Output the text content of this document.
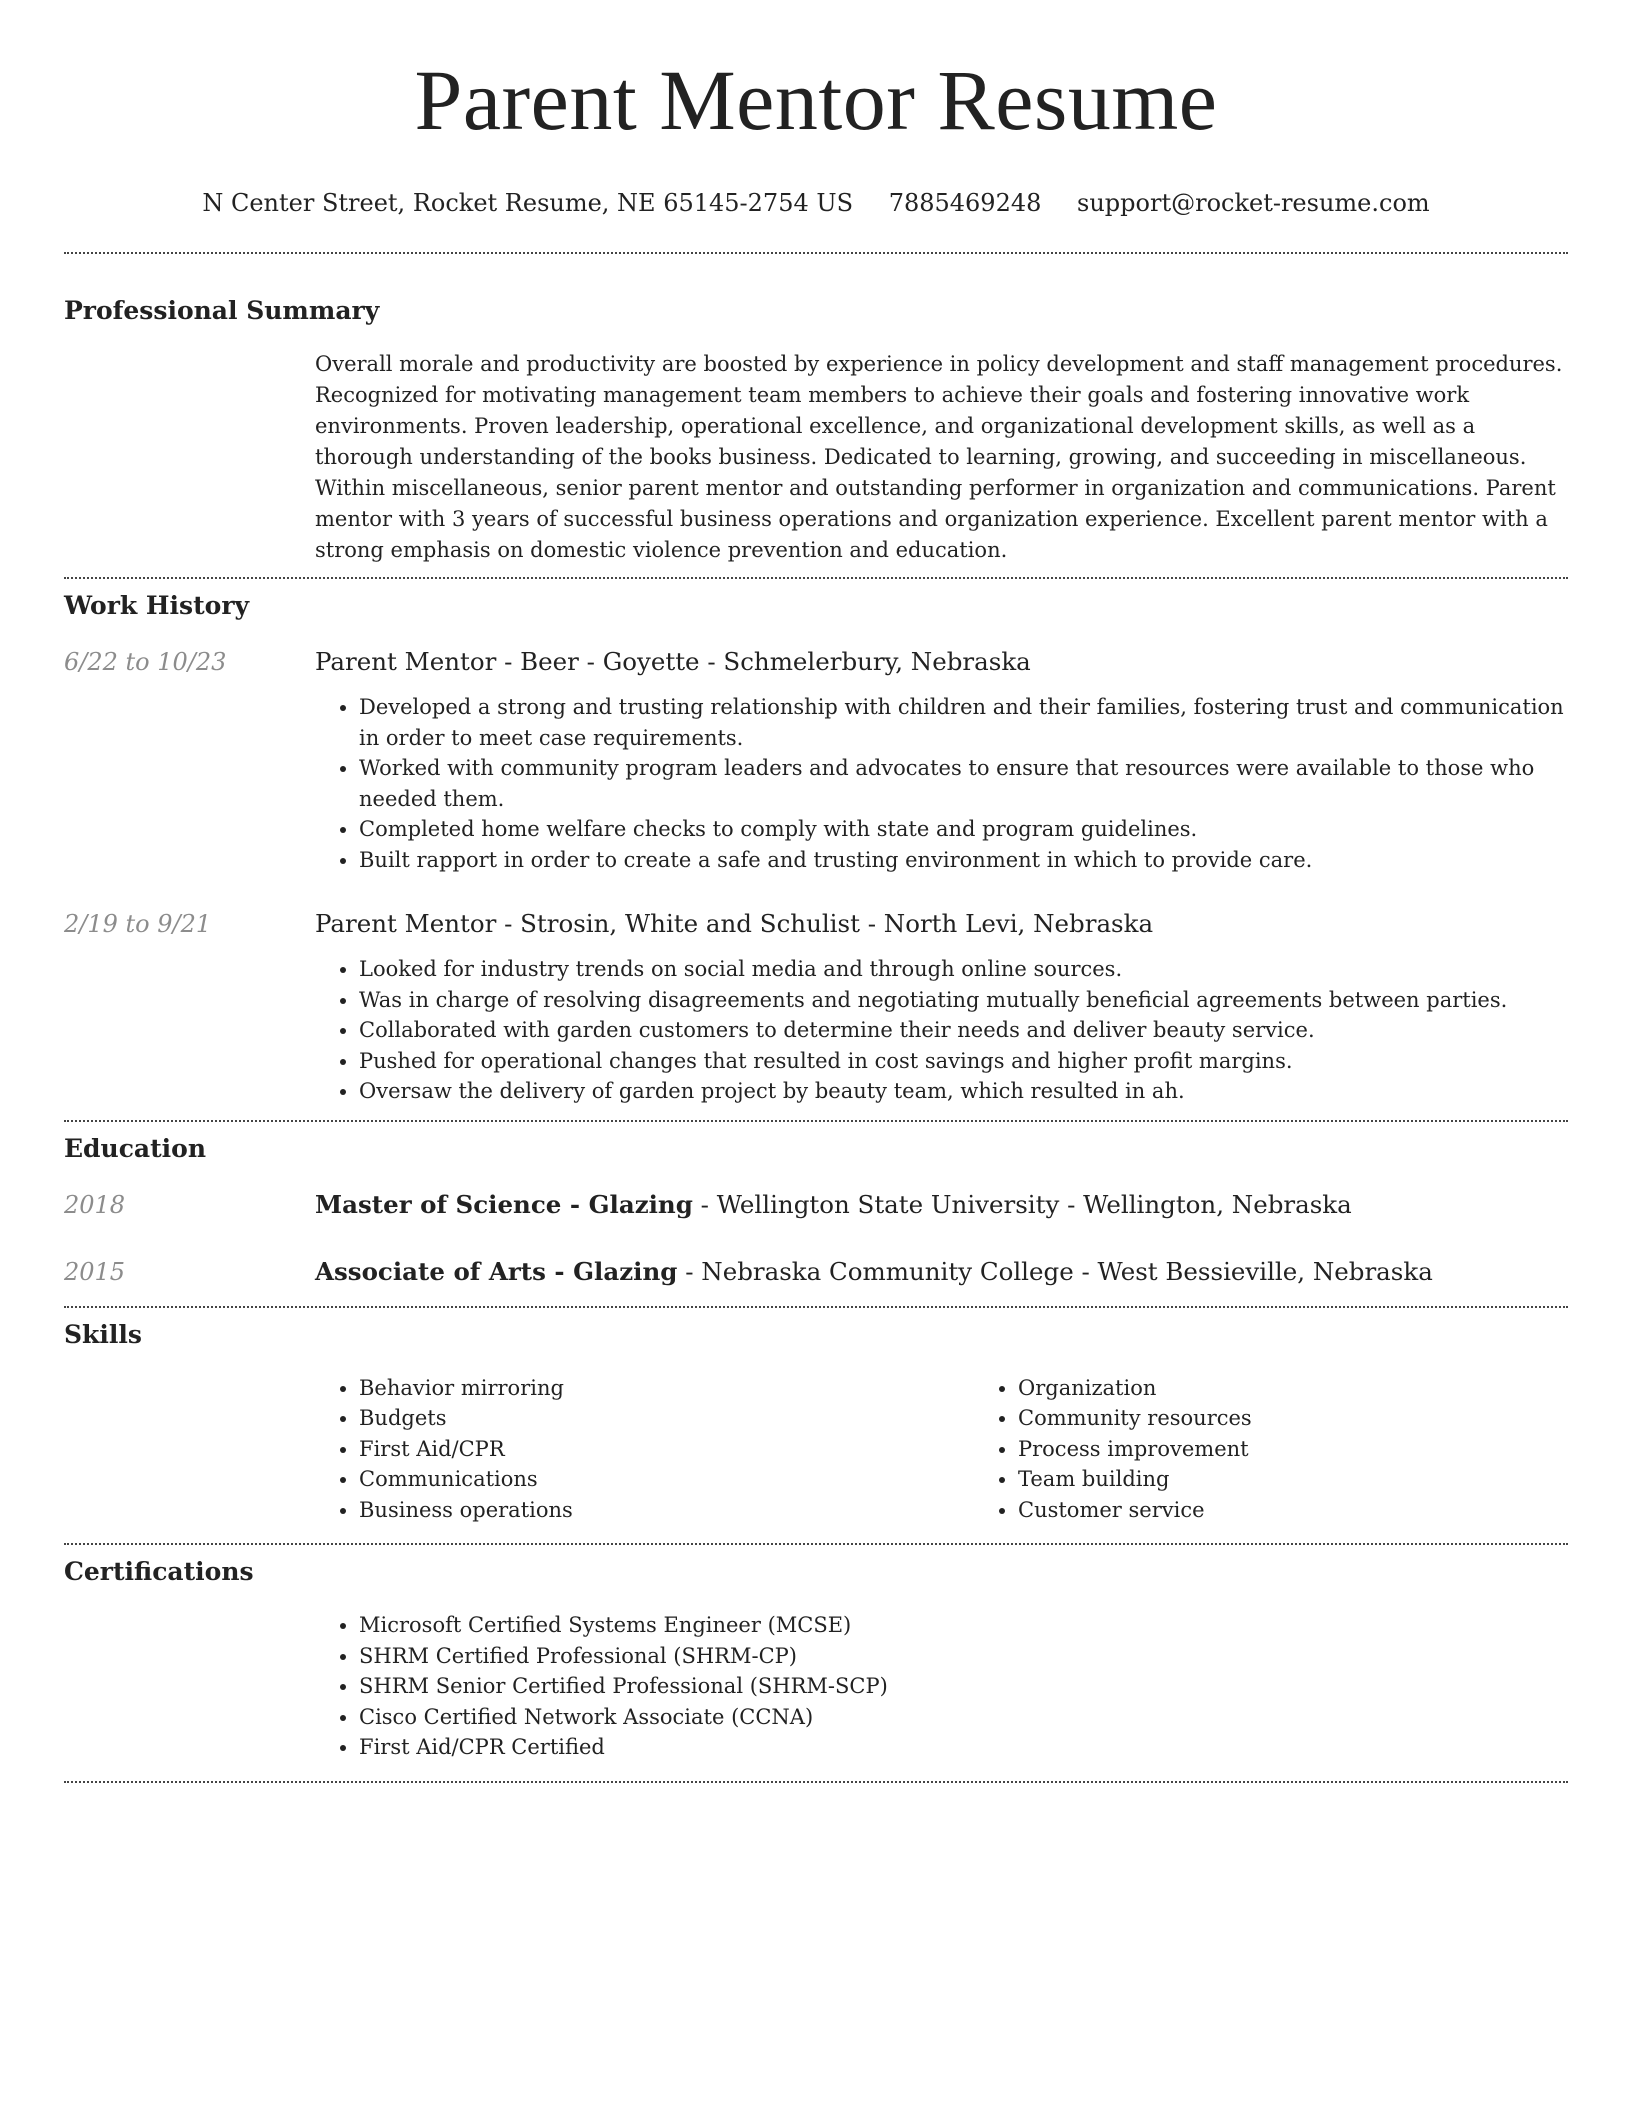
Parent Mentor Resume
N Center Street, Rocket Resume, NE 65145-2754 US 7885469248 support@rocket-resume.com
Professional Summary

Overall morale and productivity are boosted by experience in policy development and staff management procedures. Recognized for motivating management team members to achieve their goals and fostering innovative work environments. Proven leadership, operational excellence, and organizational development skills, as well as a thorough understanding of the books business. Dedicated to learning, growing, and succeeding in miscellaneous. Within miscellaneous, senior parent mentor and outstanding performer in organization and communications. Parent mentor with 3 years of successful business operations and organization experience. Excellent parent mentor with a strong emphasis on domestic violence prevention and education.

Work History
6/22 to 10/23	Parent Mentor - Beer - Goyette - Schmelerbury, Nebraska
• Developed a strong and trusting relationship with children and their families, fostering trust and communication in order to meet case requirements.
• Worked with community program leaders and advocates to ensure that resources were available to those who needed them.
• Completed home welfare checks to comply with state and program guidelines.
• Built rapport in order to create a safe and trusting environment in which to provide care.
2/19 to 9/21	Parent Mentor - Strosin, White and Schulist - North Levi, Nebraska
• Looked for industry trends on social media and through online sources.
• Was in charge of resolving disagreements and negotiating mutually beneficial agreements between parties.
• Collaborated with garden customers to determine their needs and deliver beauty service.
• Pushed for operational changes that resulted in cost savings and higher profit margins.
• Oversaw the delivery of garden project by beauty team, which resulted in ah.
Education
2018	Master of Science - Glazing - Wellington State University - Wellington, Nebraska
2015	Associate of Arts - Glazing - Nebraska Community College - West Bessieville, Nebraska
Skills
• Behavior mirroring
• Budgets
• First Aid/CPR
• Communications
• Business operations
• Organization
• Community resources
• Process improvement
• Team building
• Customer service
Certifications
• Microsoft Certified Systems Engineer (MCSE)
• SHRM Certified Professional (SHRM-CP)
• SHRM Senior Certified Professional (SHRM-SCP)
• Cisco Certified Network Associate (CCNA)
• First Aid/CPR Certified
